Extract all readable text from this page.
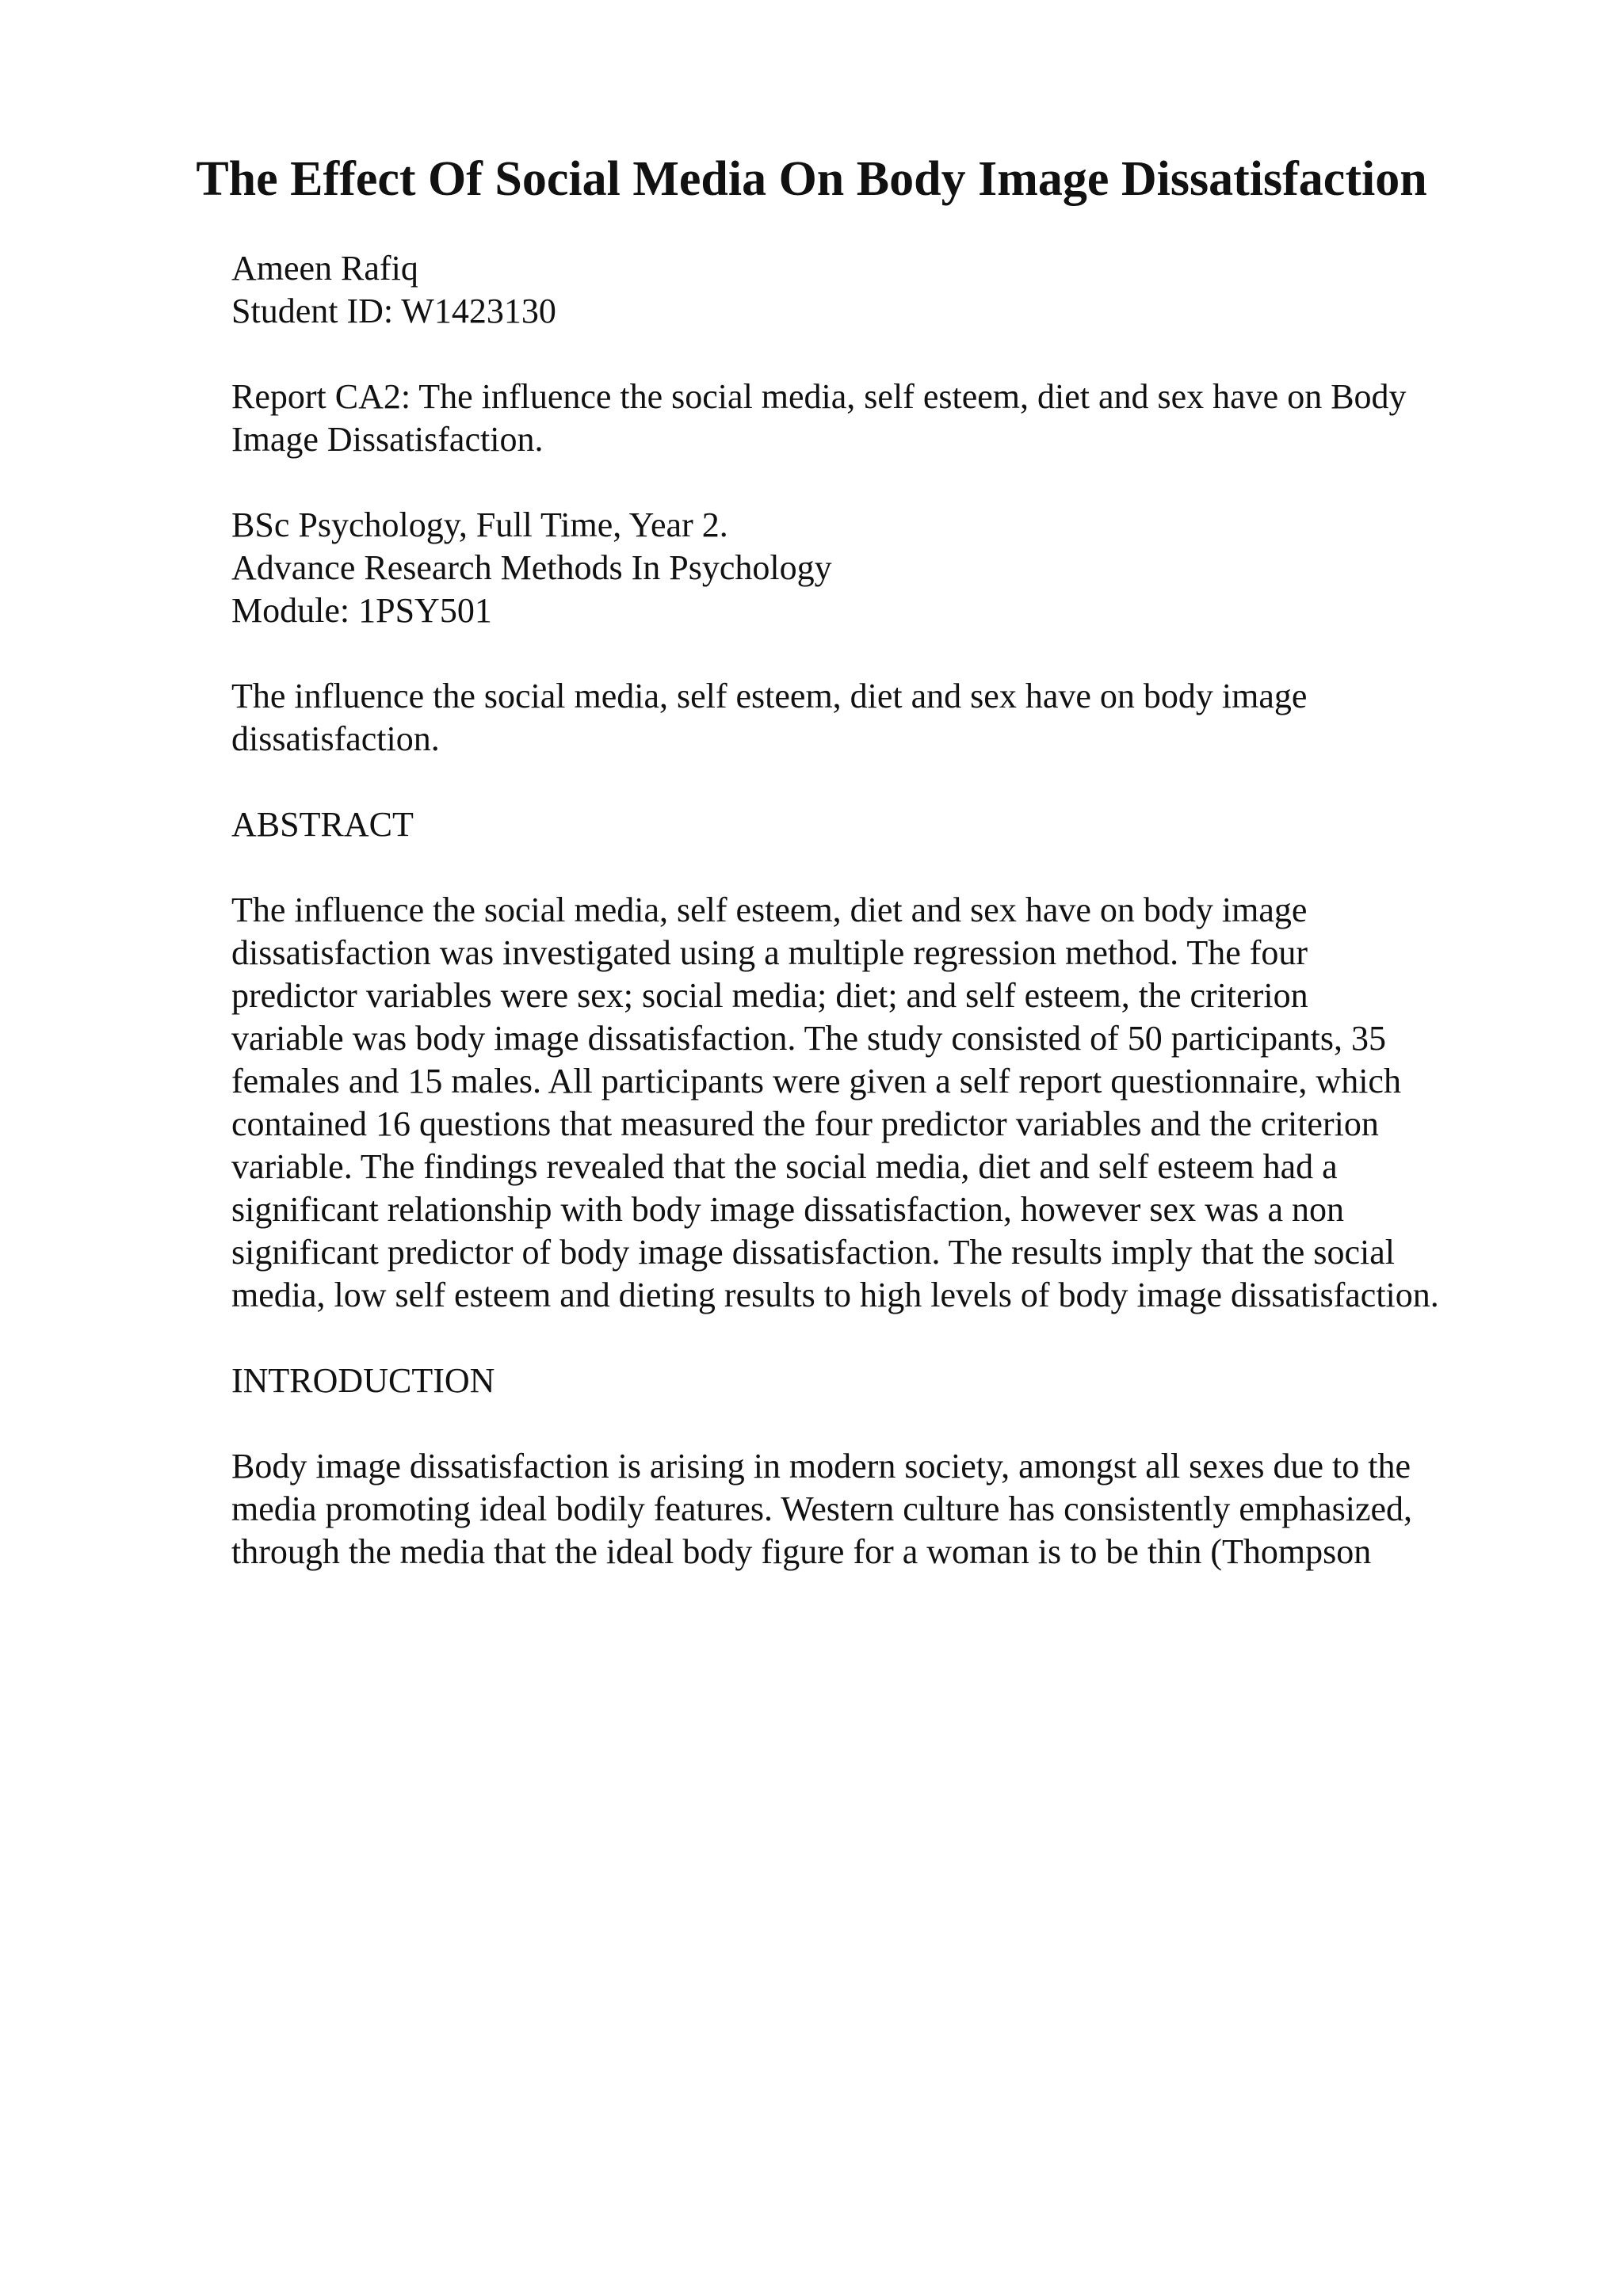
The Effect Of Social Media On Body Image Dissatisfaction
Ameen Rafiq
Student ID: W1423130
Report CA2: The influence the social media, self esteem, diet and sex have on Body
Image Dissatisfaction.
BSc Psychology, Full Time, Year 2.
Advance Research Methods In Psychology
Module: 1PSY501
The influence the social media, self esteem, diet and sex have on body image
dissatisfaction.
ABSTRACT
The influence the social media, self esteem, diet and sex have on body image
dissatisfaction was investigated using a multiple regression method. The four
predictor variables were sex; social media; diet; and self esteem, the criterion
variable was body image dissatisfaction. The study consisted of 50 participants, 35
females and 15 males. All participants were given a self report questionnaire, which
contained 16 questions that measured the four predictor variables and the criterion
variable. The findings revealed that the social media, diet and self esteem had a
significant relationship with body image dissatisfaction, however sex was a non
significant predictor of body image dissatisfaction. The results imply that the social
media, low self esteem and dieting results to high levels of body image dissatisfaction.
INTRODUCTION
Body image dissatisfaction is arising in modern society, amongst all sexes due to the
media promoting ideal bodily features. Western culture has consistently emphasized,
through the media that the ideal body figure for a woman is to be thin (Thompson
